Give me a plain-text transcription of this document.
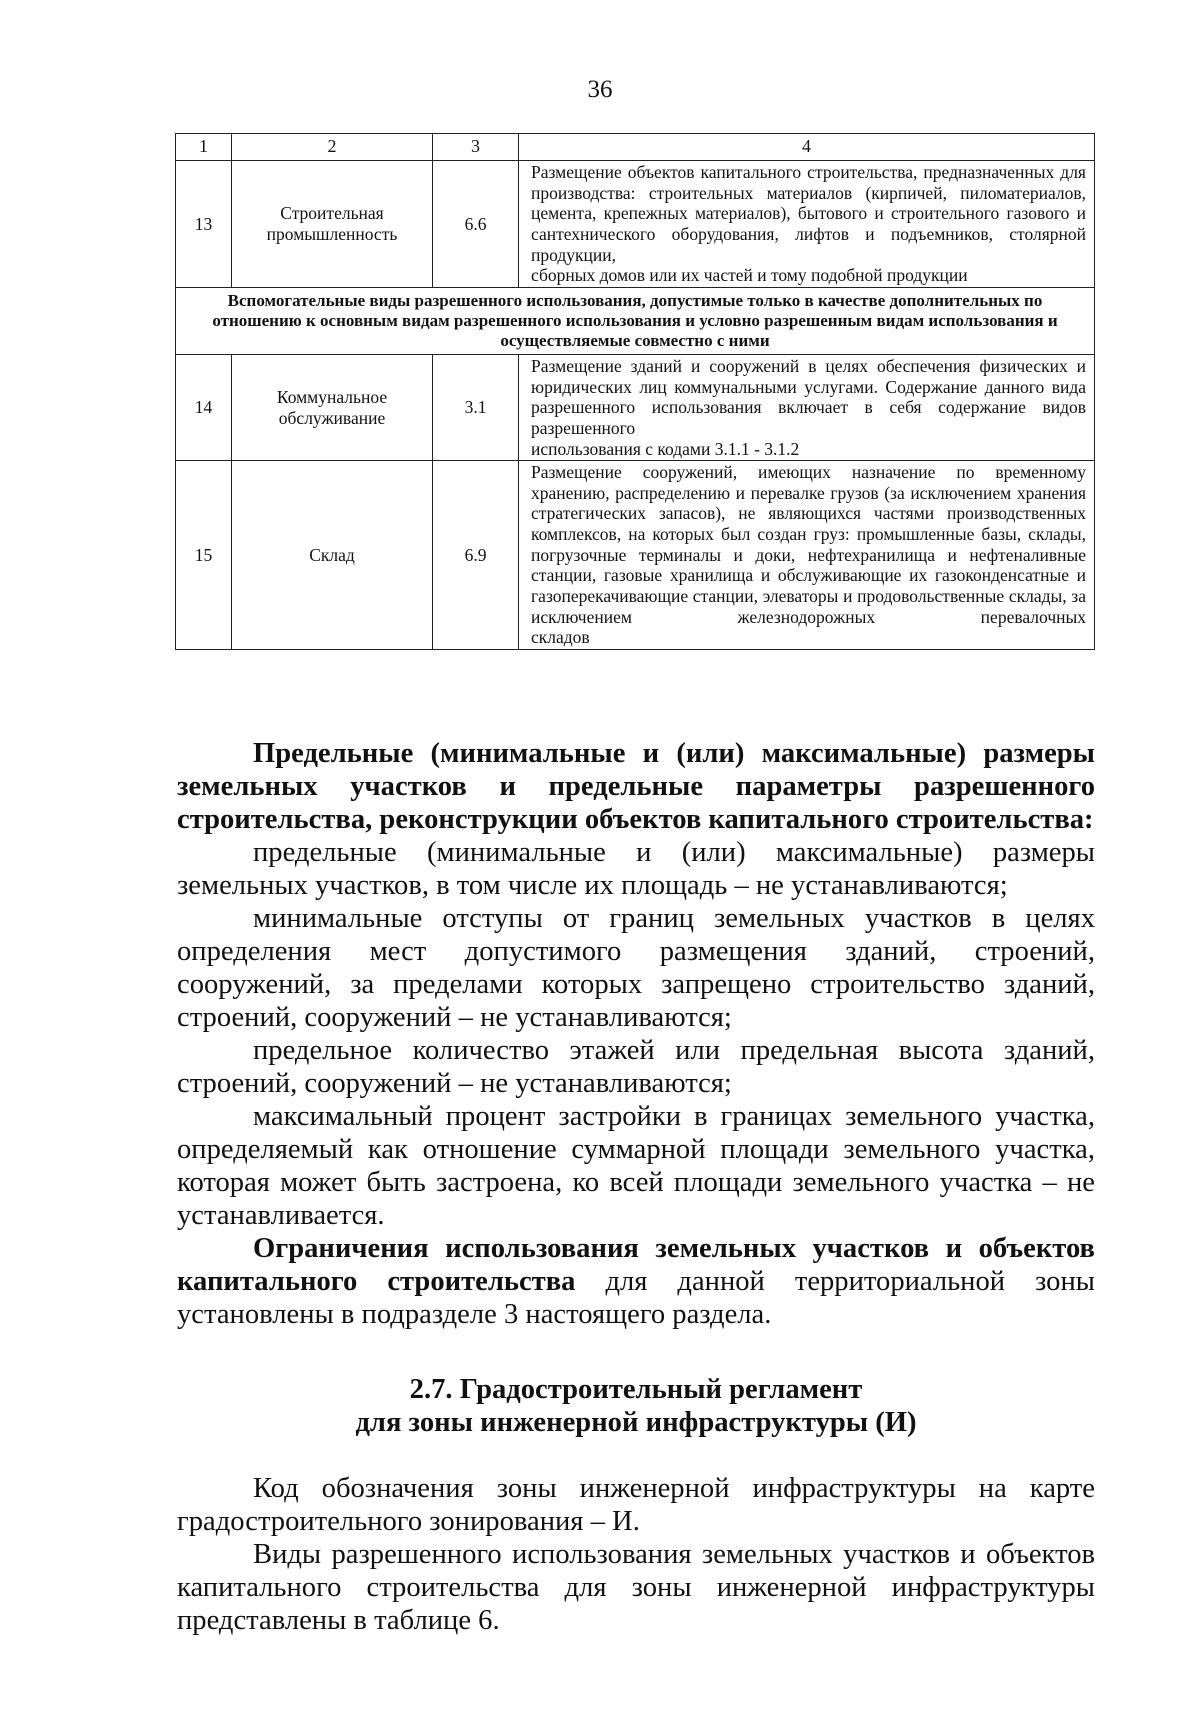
36
1	2	3	4
13	Строительная промышленность	6.6	Размещение объектов капитального строительства, предназначенных для производства: строительных материалов (кирпичей, пиломатериалов, цемента, крепежных материалов), бытового и строительного газового и сантехнического оборудования, лифтов и подъемников, столярной продукции,
сборных домов или их частей и тому подобной продукции

Вспомогательные виды разрешенного использования, допустимые только в качестве дополнительных по отношению к основным видам разрешенного использования и условно разрешенным видам использования и осуществляемые совместно с ними			
14	Коммунальное обслуживание	3.1	Размещение зданий и сооружений в целях обеспечения физических и юридических лиц коммунальными услугами. Содержание данного вида разрешенного использования включает в себя содержание видов разрешенного
использования с кодами 3.1.1 - 3.1.2

15	Склад	6.9	Размещение сооружений, имеющих назначение по временному хранению, распределению и перевалке грузов (за исключением хранения стратегических запасов), не являющихся частями производственных комплексов, на которых был создан груз: промышленные базы, склады, погрузочные терминалы и доки, нефтехранилища и нефтеналивные станции, газовые хранилища и обслуживающие их газоконденсатные и газоперекачивающие станции, элеваторы и продовольственные склады, за исключением железнодорожных перевалочных
складов

Предельные (минимальные и (или) максимальные) размеры земельных участков и предельные параметры разрешенного строительства, реконструкции объектов капитального строительства:

предельные (минимальные и (или) максимальные) размеры земельных участков, в том числе их площадь – не устанавливаются;

минимальные отступы от границ земельных участков в целях определения мест допустимого размещения зданий, строений, сооружений, за пределами которых запрещено строительство зданий, строений, сооружений – не устанавливаются;

предельное количество этажей или предельная высота зданий, строений, сооружений – не устанавливаются;

максимальный процент застройки в границах земельного участка, определяемый как отношение суммарной площади земельного участка, которая может быть застроена, ко всей площади земельного участка – не устанавливается.

Ограничения использования земельных участков и объектов капитального строительства для данной территориальной зоны установлены в подразделе 3 настоящего раздела.

2.7. Градостроительный регламент

для зоны инженерной инфраструктуры (И)

Код обозначения зоны инженерной инфраструктуры на карте градостроительного зонирования – И.

Виды разрешенного использования земельных участков и объектов капитального строительства для зоны инженерной инфраструктуры представлены в таблице 6.
